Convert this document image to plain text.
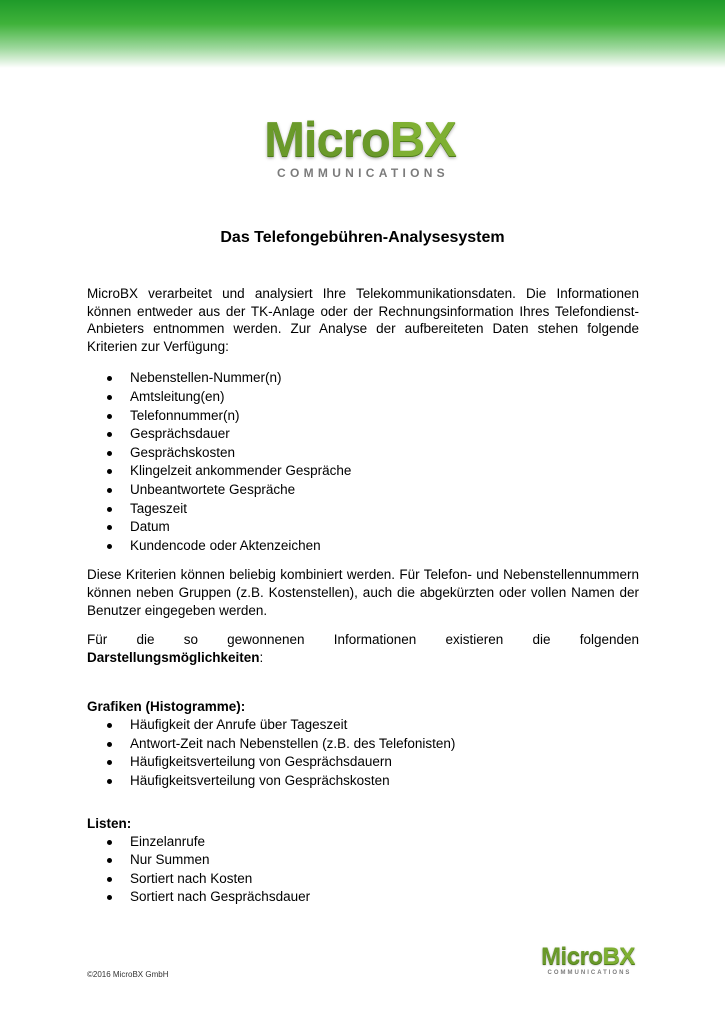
MicroBX
COMMUNICATIONS
Das Telefongebühren-Analysesystem

MicroBX verarbeitet und analysiert Ihre Telekommunikationsdaten. Die Informationen können entweder aus der TK-Anlage oder der Rechnungsinformation Ihres Telefondienst-Anbieters entnommen werden. Zur Analyse der aufbereiteten Daten stehen folgende Kriterien zur Verfügung:

Nebenstellen-Nummer(n)
Amtsleitung(en)
Telefonnummer(n)
Gesprächsdauer
Gesprächskosten
Klingelzeit ankommender Gespräche
Unbeantwortete Gespräche
Tageszeit
Datum
Kundencode oder Aktenzeichen

Diese Kriterien können beliebig kombiniert werden. Für Telefon- und Nebenstellennummern können neben Gruppen (z.B. Kostenstellen), auch die abgekürzten oder vollen Namen der Benutzer eingegeben werden.

Für die so gewonnenen Informationen existieren die folgenden Darstellungsmöglichkeiten:

Grafiken (Histogramme):

Häufigkeit der Anrufe über Tageszeit
Antwort-Zeit nach Nebenstellen (z.B. des Telefonisten)
Häufigkeitsverteilung von Gesprächsdauern
Häufigkeitsverteilung von Gesprächskosten

Listen:

Einzelanrufe
Nur Summen
Sortiert nach Kosten
Sortiert nach Gesprächsdauer
©2016 MicroBX GmbH
MicroBX
COMMUNICATIONS
